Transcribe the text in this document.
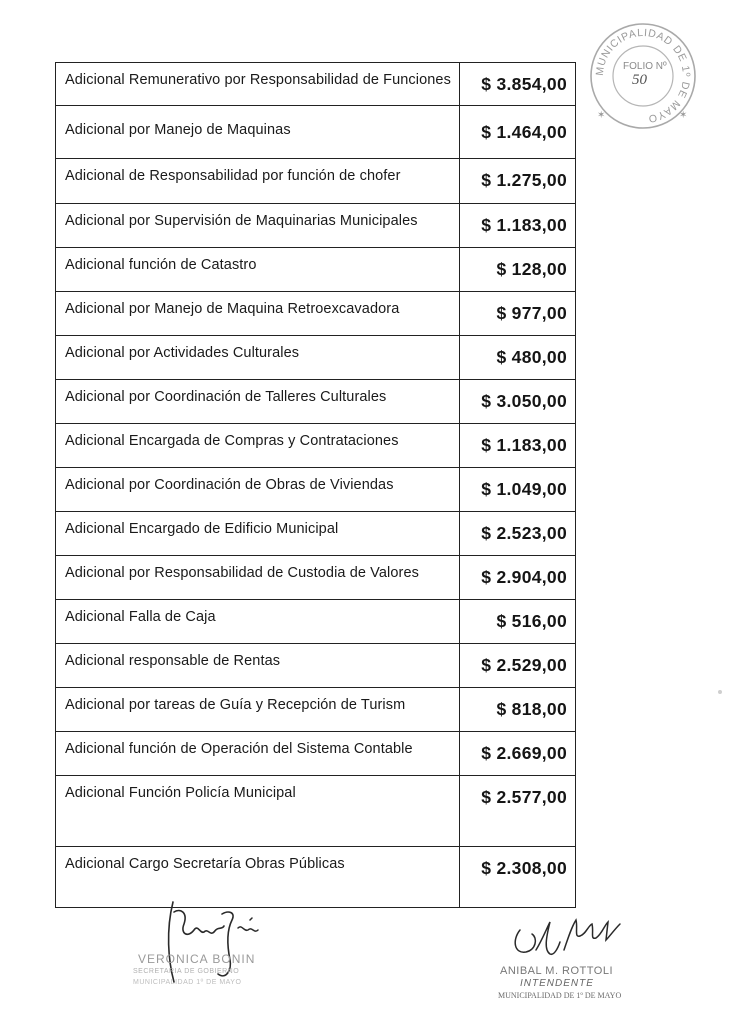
MUNICIPALIDAD DE 1º DE MAYO
✶	✶
FOLIO Nº
50
Adicional Remunerativo por Responsabilidad de Funciones	$ 3.854,00
Adicional por Manejo de Maquinas	$ 1.464,00
Adicional de Responsabilidad por función de chofer	$ 1.275,00
Adicional por Supervisión de Maquinarias Municipales	$ 1.183,00
Adicional función de Catastro	$ 128,00
Adicional por Manejo de Maquina Retroexcavadora	$ 977,00
Adicional por Actividades Culturales	$ 480,00
Adicional por Coordinación de Talleres Culturales	$ 3.050,00
Adicional Encargada de Compras y Contrataciones	$ 1.183,00
Adicional por Coordinación de Obras de Viviendas	$ 1.049,00
Adicional Encargado de Edificio Municipal	$ 2.523,00
Adicional por Responsabilidad de Custodia de Valores	$ 2.904,00
Adicional Falla de Caja	$ 516,00
Adicional responsable de Rentas	$ 2.529,00
Adicional por tareas de Guía y Recepción de Turism	$ 818,00
Adicional función de Operación del Sistema Contable	$ 2.669,00
Adicional Función Policía Municipal	$ 2.577,00
Adicional Cargo Secretaría Obras Públicas	$ 2.308,00
VERONICA BONIN
SECRETARIA DE GOBIERNO
MUNICIPALIDAD 1º DE MAYO
ANIBAL M. ROTTOLI
INTENDENTE
MUNICIPALIDAD DE 1º DE MAYO
